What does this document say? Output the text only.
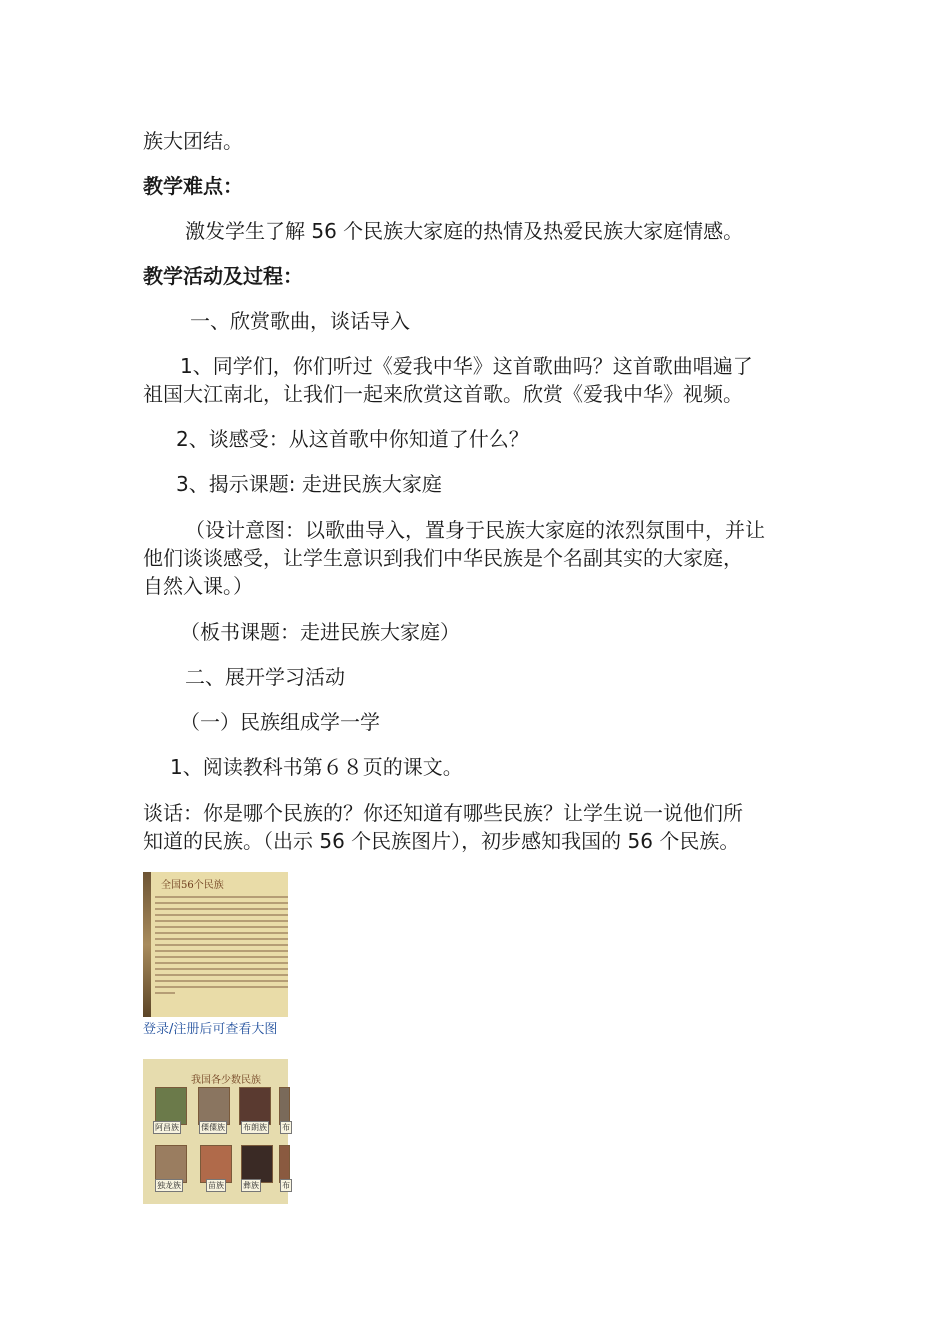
族大团结。
教学难点：
激发学生了解 56 个民族大家庭的热情及热爱民族大家庭情感。
教学活动及过程：
一、欣赏歌曲，谈话导入
1、同学们，你们听过《爱我中华》这首歌曲吗？这首歌曲唱遍了
祖国大江南北，让我们一起来欣赏这首歌。欣赏《爱我中华》视频。
2、谈感受：从这首歌中你知道了什么？
3、揭示课题: 走进民族大家庭
（设计意图：以歌曲导入，置身于民族大家庭的浓烈氛围中，并让
他们谈谈感受，让学生意识到我们中华民族是个名副其实的大家庭，
自然入课。）
（板书课题：走进民族大家庭）
二、展开学习活动
（一）民族组成学一学
1、阅读教科书第６８页的课文。
谈话：你是哪个民族的？你还知道有哪些民族？让学生说一说他们所
知道的民族。（出示 56 个民族图片），初步感知我国的 56 个民族。
全国56个民族
登录/注册后可查看大图
我国各少数民族
阿昌族	傈僳族 布朗族 布
独龙族	苗族 彝族	布
